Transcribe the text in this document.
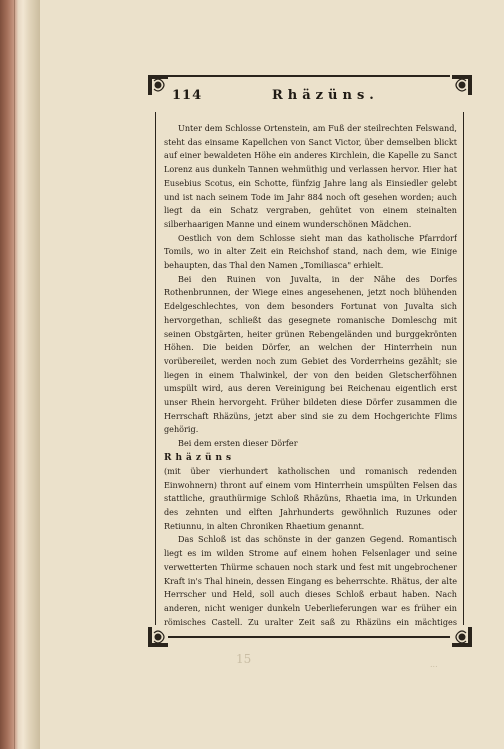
114	Rhäzüns.

Unter dem Schlosse Ortenstein, am Fuß der steilrechten Felswand, steht das einsame Kapellchen von Sanct Victor, über demselben blickt auf einer bewaldeten Höhe ein anderes Kirchlein, die Kapelle zu Sanct Lorenz aus dunkeln Tannen wehmüthig und verlassen hervor. Hier hat Eusebius Scotus, ein Schotte, fünfzig Jahre lang als Einsiedler gelebt und ist nach seinem Tode im Jahr 884 noch oft gesehen worden; auch liegt da ein Schatz vergraben, gehütet von einem steinalten silberhaarigen Manne und einem wunderschönen Mädchen.

Oestlich von dem Schlosse sieht man das katholische Pfarrdorf Tomils, wo in alter Zeit ein Reichshof stand, nach dem, wie Einige behaupten, das Thal den Namen „Tomiliasca" erhielt.

Bei den Ruinen von Juvalta, in der Nähe des Dorfes Rothenbrunnen, der Wiege eines angesehenen, jetzt noch blühenden Edelgeschlechtes, von dem besonders Fortunat von Juvalta sich hervorgethan, schließt das gesegnete romanische Domleschg mit seinen Obstgärten, heiter grünen Rebengeländen und burggekrönten Höhen. Die beiden Dörfer, an welchen der Hinterrhein nun vorübereilet, werden noch zum Gebiet des Vorderrheins gezählt; sie liegen in einem Thalwinkel, der von den beiden Gletscherföhnen umspült wird, aus deren Vereinigung bei Reichenau eigentlich erst unser Rhein hervorgeht. Früher bildeten diese Dörfer zusammen die Herrschaft Rhäzüns, jetzt aber sind sie zu dem Hochgerichte Flims gehörig.

Bei dem ersten dieser Dörfer

Rhäzüns

(mit über vierhundert katholischen und romanisch redenden Einwohnern) thront auf einem vom Hinterrhein umspülten Felsen das stattliche, grauthürmige Schloß Rhäzüns, Rhaetia ima, in Urkunden des zehnten und elften Jahrhunderts gewöhnlich Ruzunes oder Retiunnu, in alten Chroniken Rhaetium genannt.

Das Schloß ist das schönste in der ganzen Gegend. Romantisch liegt es im wilden Strome auf einem hohen Felsenlager und seine verwetterten Thürme schauen noch stark und fest mit ungebrochener Kraft in's Thal hinein, dessen Eingang es beherrschte. Rhätus, der alte Herrscher und Held, soll auch dieses Schloß erbaut haben. Nach anderen, nicht weniger dunkeln Ueberlieferungen war es früher ein römisches Castell. Zu uralter Zeit saß zu Rhäzüns ein mächtiges

15	...
